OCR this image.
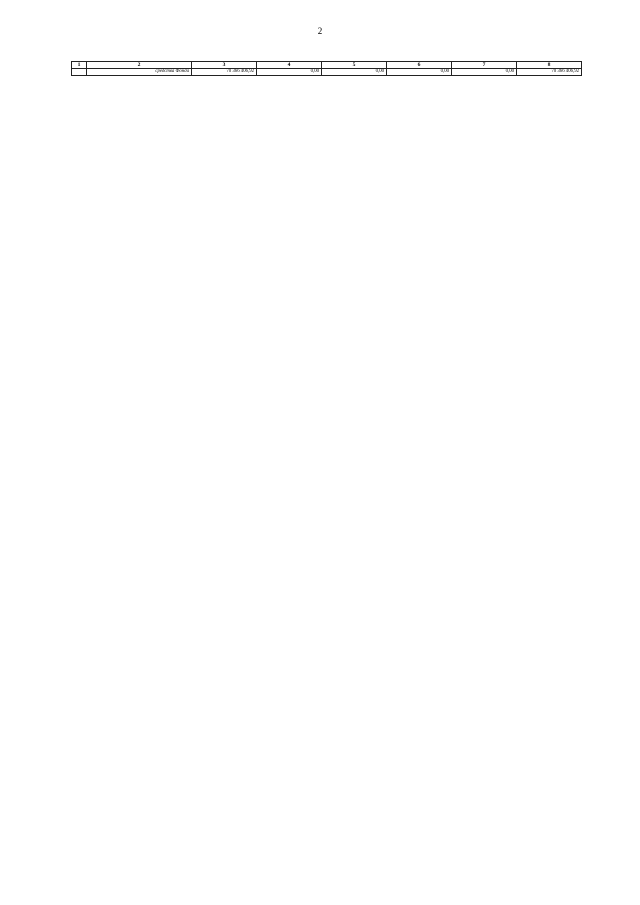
2
1	2	3	4	5	6	7	8
	средства Фонда	70 366 406,92	0,00	0,00	0,00	0,00	70 366 406,92
